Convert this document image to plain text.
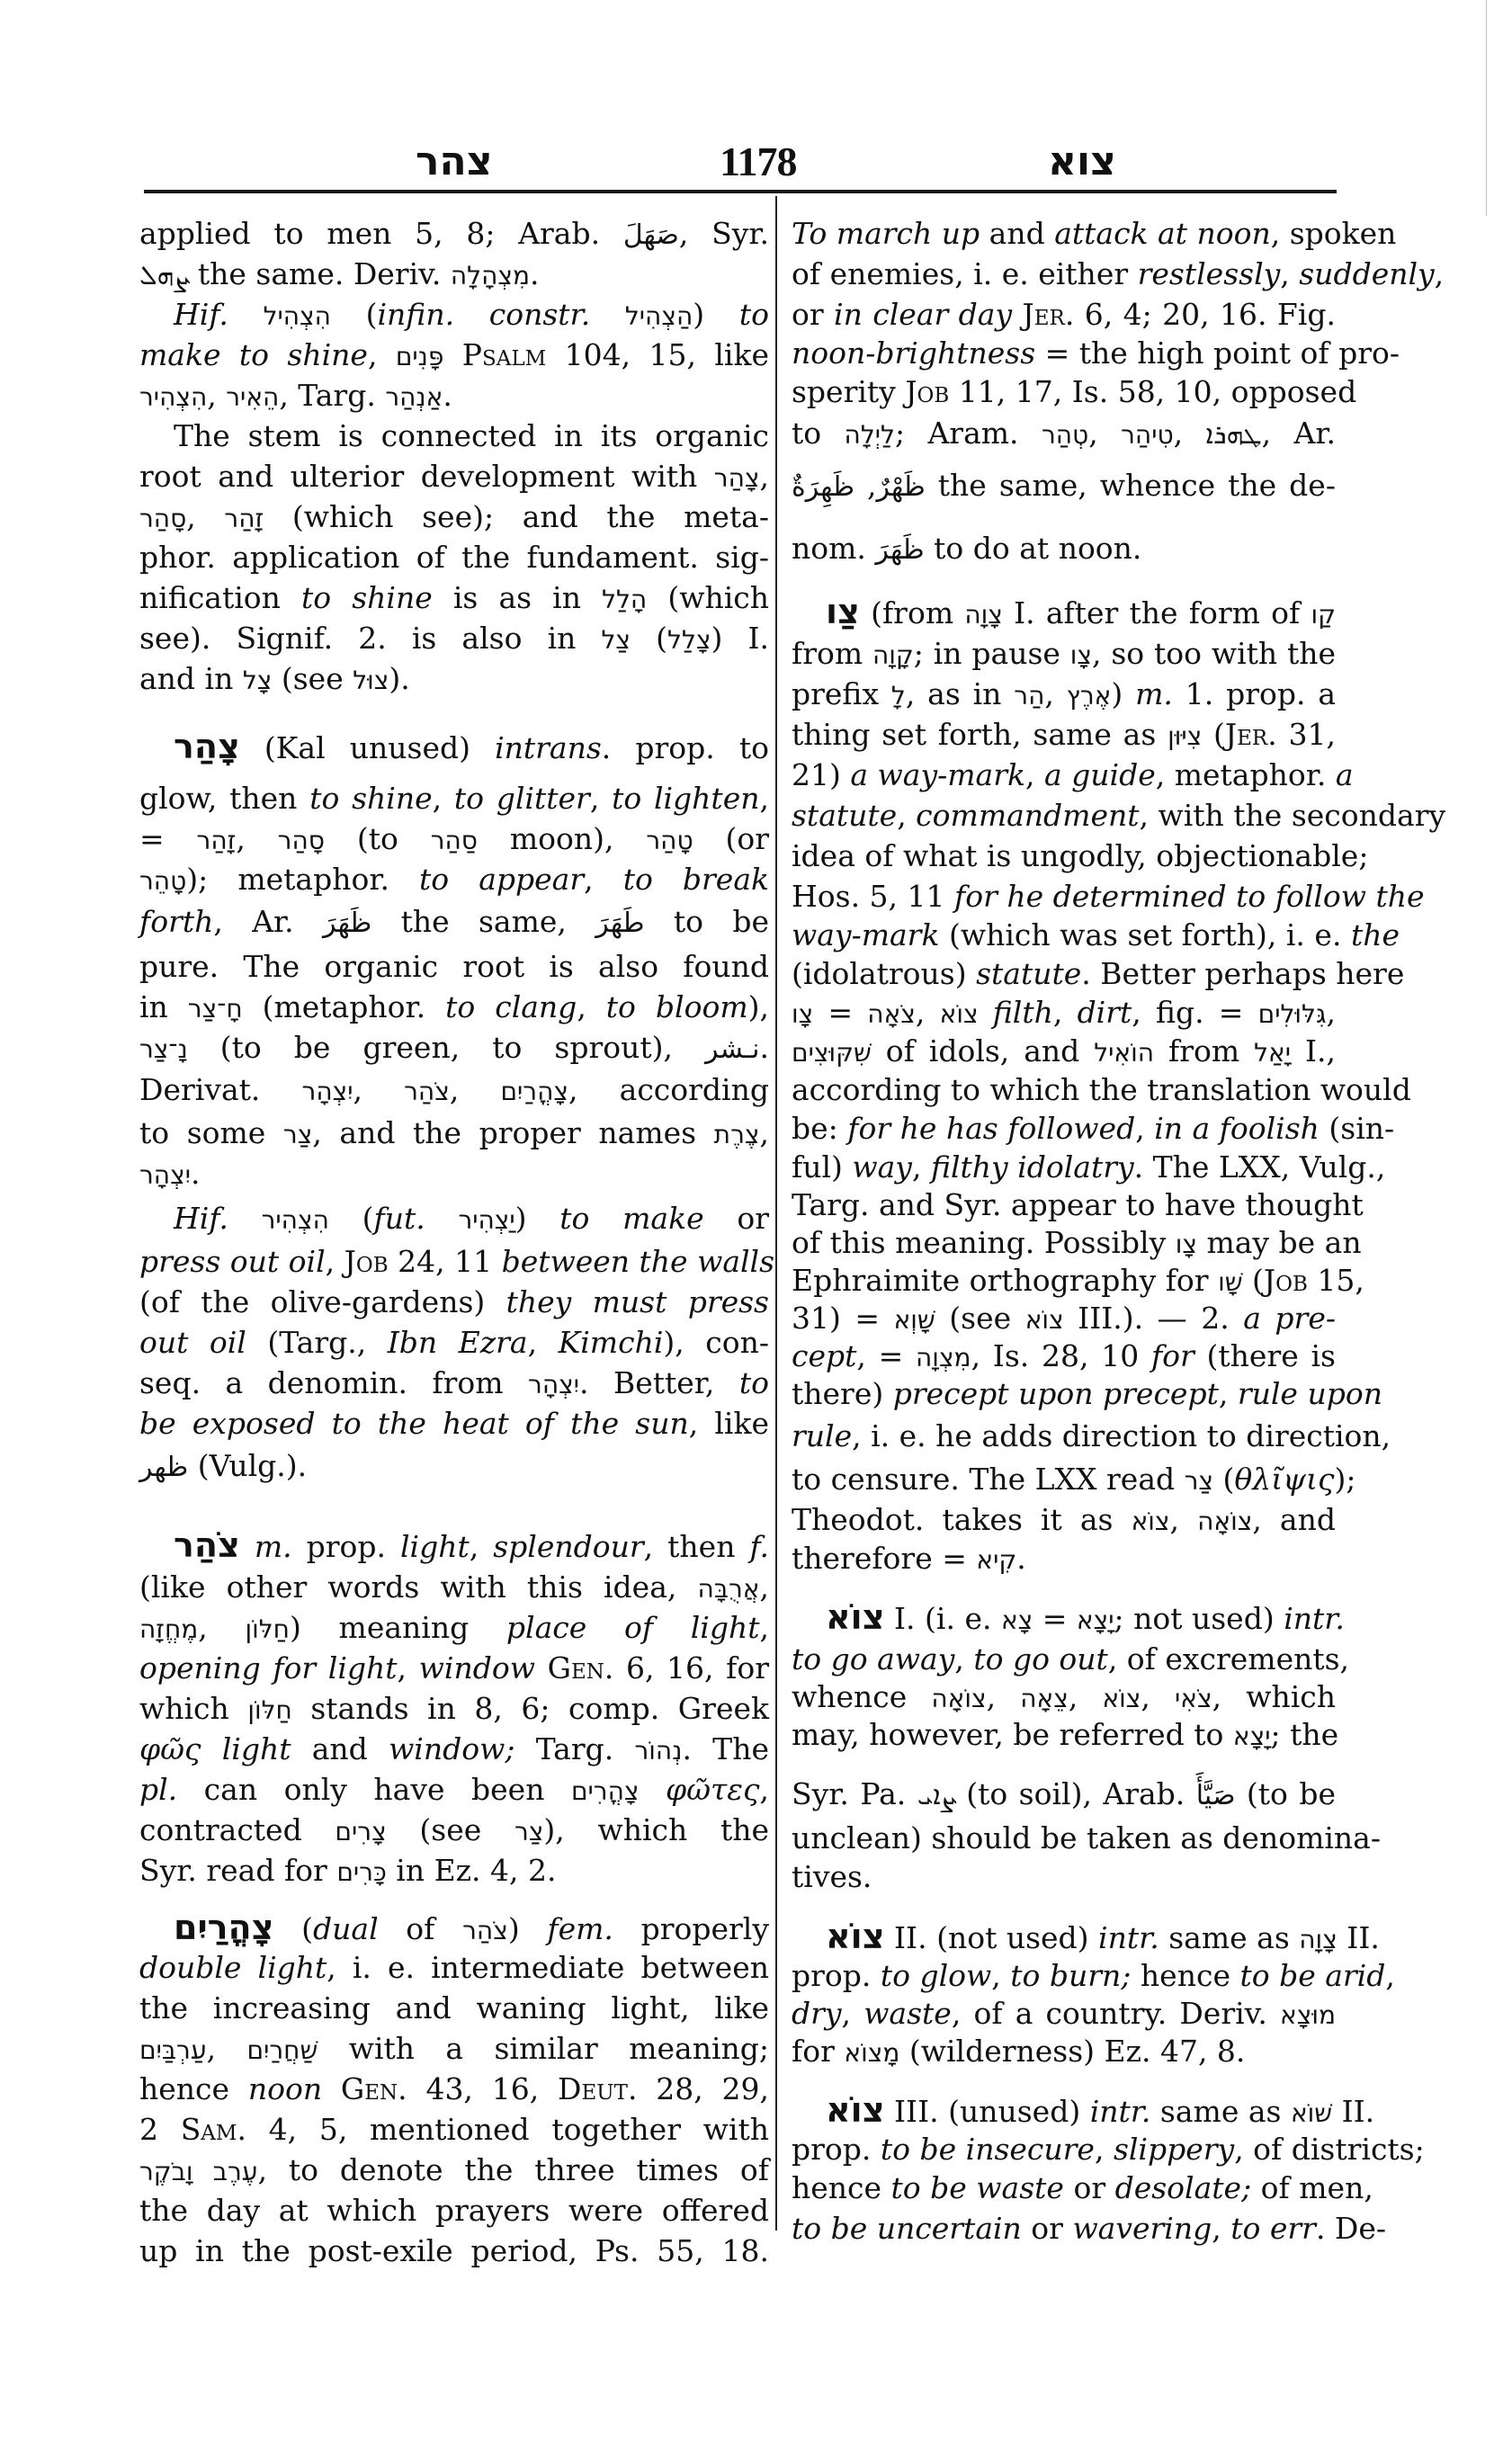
צהר	1178	צוא
applied to men 5, 8; Arab. صَهَلَ, Syr.
ܨܗܠ the same. Deriv. מִצְהָלָה.
Hif. הִצְהִיל (infin. constr. הַצְהִיל) to
make to shine, פָּנִים Psalm 104, 15, like
הִצְהִיר, הֵאִיר, Targ. אַנְהַר.
The stem is connected in its organic
root and ulterior development with צָהַר,
סָהַר, זָהַר (which see); and the meta-
phor. application of the fundament. sig-
nification to shine is as in הָלַל (which
see). Signif. 2. is also in צַל (צָלַל) I.
and in צָל (see צוּל).
צָהַר (Kal unused) intrans. prop. to
glow, then to shine, to glitter, to lighten,
= זָהַר, סָהַר (to סַהַר moon), טָהַר (or
טָהֵר); metaphor. to appear, to break
forth, Ar. ظَهَرَ the same, طَهَرَ to be
pure. The organic root is also found
in חָ־צַר (metaphor. to clang, to bloom),
נָ־צַר (to be green, to sprout), نـشر.
Derivat. יִצְהָר, צֹהַר, צָהֳרַיִם, according
to some צַר, and the proper names צֶרֶת,
יִצְהָר.
Hif. הִצְהִיר (fut. יַצְהִיר) to make or
press out oil, Job 24, 11 between the walls
(of the olive-gardens) they must press
out oil (Targ., Ibn Ezra, Kimchi), con-
seq. a denomin. from יִצְהָר. Better, to
be exposed to the heat of the sun, like
ظهر (Vulg.).
צֹהַר m. prop. light, splendour, then f.
(like other words with this idea, אֲרֻבָּה,
מֶחֱזָה, חַלּוֹן) meaning place of light,
opening for light, window Gen. 6, 16, for
which חַלּוֹן stands in 8, 6; comp. Greek
φῶς light and window; Targ. נְהוֹר. The
pl. can only have been צָהֳרִים φῶτες,
contracted צָרִים (see צַר), which the
Syr. read for כָּרִים in Ez. 4, 2.
צָהֳרַיִם (dual of צֹהַר) fem. properly
double light, i. e. intermediate between
the increasing and waning light, like
עַרְבַּיִם, שַׁחֲרַיִם with a similar meaning;
hence noon Gen. 43, 16, Deut. 28, 29,
2 Sam. 4, 5, mentioned together with
עֶרֶב וָבֹקֶר, to denote the three times of
the day at which prayers were offered
up in the post-exile period, Ps. 55, 18.
To march up and attack at noon, spoken
of enemies, i. e. either restlessly, suddenly,
or in clear day Jer. 6, 4; 20, 16. Fig.
noon-brightness = the high point of pro-
sperity Job 11, 17, Is. 58, 10, opposed
to לַיְלָה; Aram. טְהַר, טִיהַר, ܛܗܪܐ, Ar.
ظَهْرٌ, ظَهِرَةٌ the same, whence the de-
nom. ظَهَرَ to do at noon.
צַו (from צָוָה I. after the form of קַו
from קָוָה; in pause צָו, so too with the
prefix לָ, as in הַר, אֶרֶץ) m. 1. prop. a
thing set forth, same as צִיּוּן (Jer. 31,
21) a way-mark, a guide, metaphor. a
statute, commandment, with the secondary
idea of what is ungodly, objectionable;
Hos. 5, 11 for he determined to follow the
way-mark (which was set forth), i. e. the
(idolatrous) statute. Better perhaps here
צָו = צֹאָה, צוֹא filth, dirt, fig. = גִּלּוּלִים,
שִׁקּוּצִים of idols, and הוֹאִיל from יָאַל I.,
according to which the translation would
be: for he has followed, in a foolish (sin-
ful) way, filthy idolatry. The LXX, Vulg.,
Targ. and Syr. appear to have thought
of this meaning. Possibly צָו may be an
Ephraimite orthography for שָׁו (Job 15,
31) = שָׁוְא (see צוֹא III.). — 2. a pre-
cept, = מִצְוָה, Is. 28, 10 for (there is
there) precept upon precept, rule upon
rule, i. e. he adds direction to direction,
to censure. The LXX read צַר (θλῖψις);
Theodot. takes it as צוֹא, צוֹאָה, and
therefore = קִיא.
צוֹא I. (i. e. צָא = יָצָא; not used) intr.
to go away, to go out, of excrements,
whence צוֹאָה, צֵאָה, צוֹא, צֹאִי, which
may, however, be referred to יָצָא; the
Syr. Pa. ܨܐܝ (to soil), Arab. صَيَّأَ (to be
unclean) should be taken as denomina-
tives.
צוֹא II. (not used) intr. same as צָוָה II.
prop. to glow, to burn; hence to be arid,
dry, waste, of a country. Deriv. מוּצָא
for מָצוֹא (wilderness) Ez. 47, 8.
צוֹא III. (unused) intr. same as שׁוֹא II.
prop. to be insecure, slippery, of districts;
hence to be waste or desolate; of men,
to be uncertain or wavering, to err. De-
